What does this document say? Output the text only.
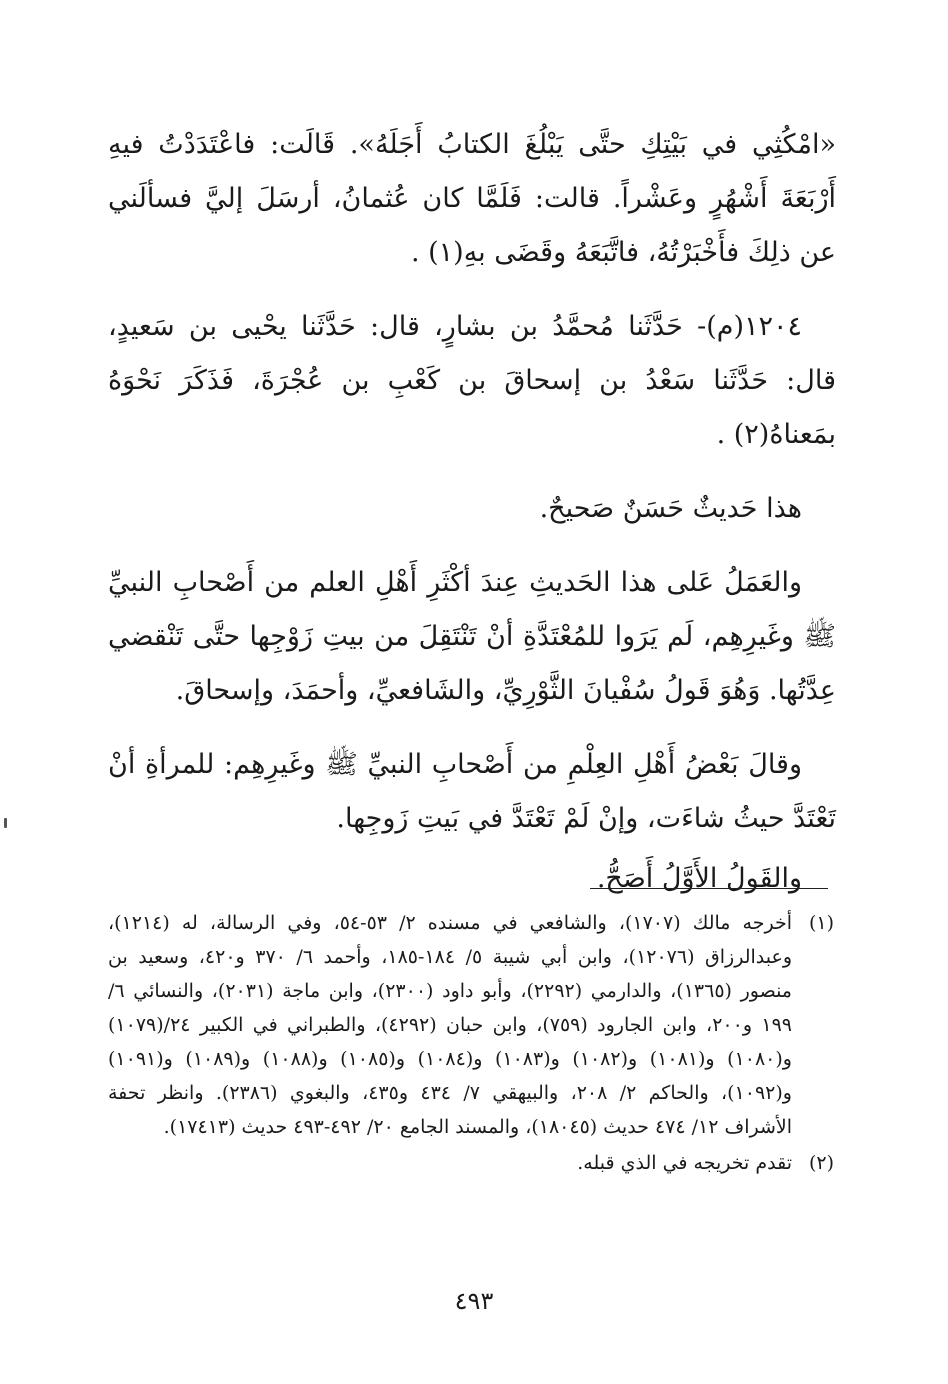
«امْكُثِي في بَيْتِكِ حتَّى يَبْلُغَ الكتابُ أَجَلَهُ». قَالَت: فاعْتَدَدْتُ فيهِ أَرْبَعَةَ أَشْهُرٍ وعَشْراً. قالت: فَلَمَّا كان عُثمانُ، أرسَلَ إليَّ فسألَني عن ذلِكَ فأَخْبَرْتُهُ، فاتَّبَعَهُ وقَضَى بهِ(١) .

١٢٠٤(م)- حَدَّثَنا مُحمَّدُ بن بشارٍ، قال: حَدَّثَنا يحْيى بن سَعيدٍ، قال: حَدَّثَنا سَعْدُ بن إسحاقَ بن كَعْبِ بن عُجْرَةَ، فَذَكَرَ نَحْوَهُ بمَعناهُ(٢) .

هذا حَديثٌ حَسَنٌ صَحيحٌ.

والعَمَلُ عَلى هذا الحَديثِ عِندَ أكْثَرِ أَهْلِ العلم من أَصْحابِ النبيِّ ﷺ وغَيرِهِم، لَم يَرَوا للمُعْتَدَّةِ أنْ تَنْتَقِلَ من بيتِ زَوْجِها حتَّى تَنْقضي عِدَّتُها. وَهُوَ قَولُ سُفْيانَ الثَّوْرِيِّ، والشَافعيِّ، وأحمَدَ، وإسحاقَ.

وقالَ بَعْضُ أَهْلِ العِلْمِ من أَصْحابِ النبيِّ ﷺ وغَيرِهِم: للمرأةِ أنْ تَعْتَدَّ حيثُ شاءَت، وإنْ لَمْ تَعْتَدَّ في بَيتِ زَوجِها.

والقَولُ الأَوَّلُ أَصَحُّ.

(١)
أخرجه مالك (١٧٠٧)، والشافعي في مسنده ٢/ ٥٣-٥٤، وفي الرسالة، له (١٢١٤)، وعبدالرزاق (١٢٠٧٦)، وابن أبي شيبة ٥/ ١٨٤-١٨٥، وأحمد ٦/ ٣٧٠ و٤٢٠، وسعيد بن منصور (١٣٦٥)، والدارمي (٢٢٩٢)، وأبو داود (٢٣٠٠)، وابن ماجة (٢٠٣١)، والنسائي ٦/ ١٩٩ و٢٠٠، وابن الجارود (٧٥٩)، وابن حبان (٤٢٩٢)، والطبراني في الكبير ٢٤/(١٠٧٩) و(١٠٨٠) و(١٠٨١) و(١٠٨٢) و(١٠٨٣) و(١٠٨٤) و(١٠٨٥) و(١٠٨٨) و(١٠٨٩) و(١٠٩١) و(١٠٩٢)، والحاكم ٢/ ٢٠٨، والبيهقي ٧/ ٤٣٤ و٤٣٥، والبغوي (٢٣٨٦). وانظر تحفة الأشراف ١٢/ ٤٧٤ حديث (١٨٠٤٥)، والمسند الجامع ٢٠/ ٤٩٢-٤٩٣ حديث (١٧٤١٣).
(٢)
تقدم تخريجه في الذي قبله.
٤٩٣
